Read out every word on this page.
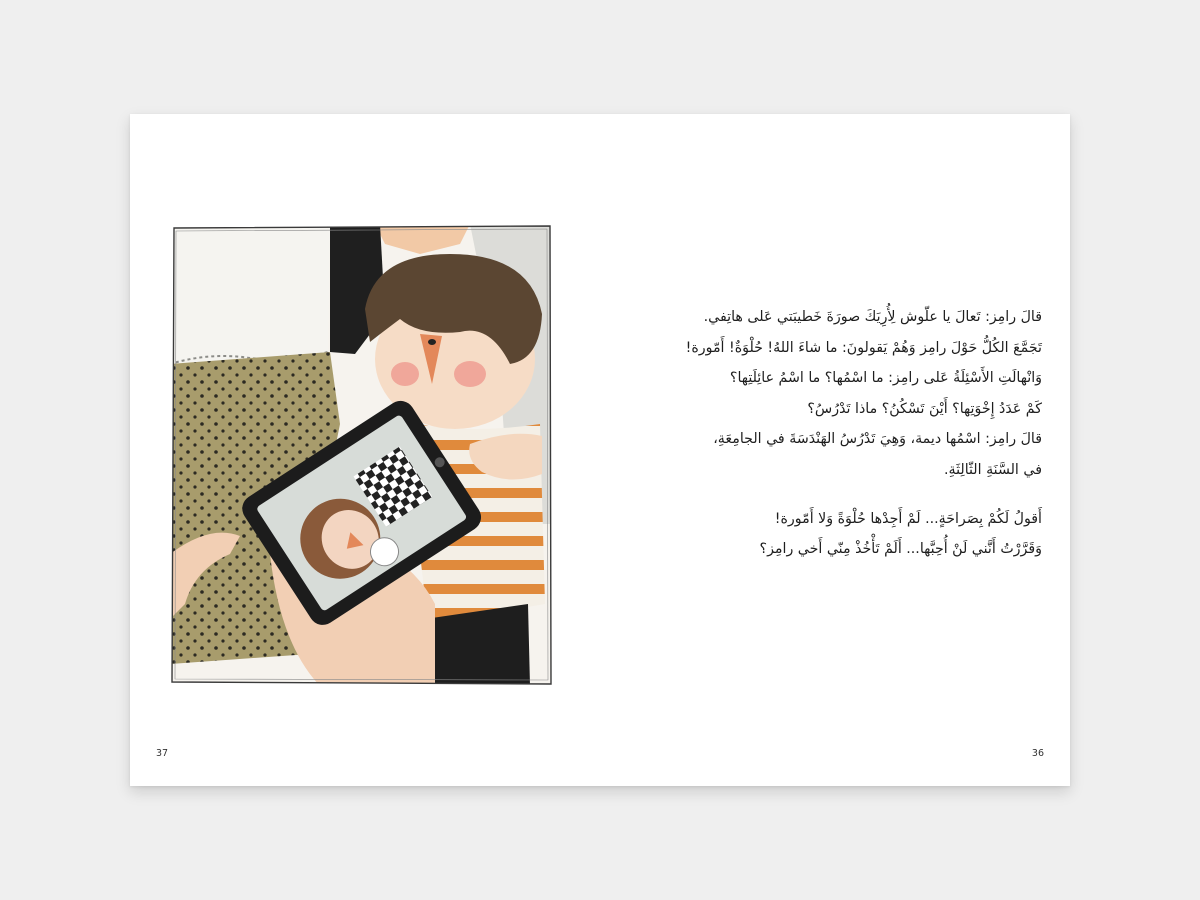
قالَ رامِز: تَعالَ يا علّوش لِأُرِيَكَ صورَةَ خَطيبَتي عَلى هاتِفي.
تَجَمَّعَ الكُلُّ حَوْلَ رامِز وَهُمْ يَقولونَ: ما شاءَ اللهُ! حُلْوَةٌ! أَمّورة!
وَانْهالَتِ الأَسْئِلَةُ عَلى رامِز: ما اسْمُها؟ ما اسْمُ عائِلَتِها؟
كَمْ عَدَدُ إِخْوَتِها؟ أَيْنَ تَسْكُنُ؟ ماذا تَدْرُسُ؟
قالَ رامِز: اسْمُها ديمة، وَهِيَ تَدْرُسُ الهَنْدَسَةَ في الجامِعَةِ،
في السَّنَةِ الثّالِثَةِ.

أَقولُ لَكُمْ بِصَراحَةٍ... لَمْ أَجِدْها حُلْوَةً وَلا أَمّورة!
وَقَرَّرْتُ أَنَّني لَنْ أُحِبَّها... أَلَمْ تَأْخُذْ مِنّي أَخي رامِز؟

37	36
